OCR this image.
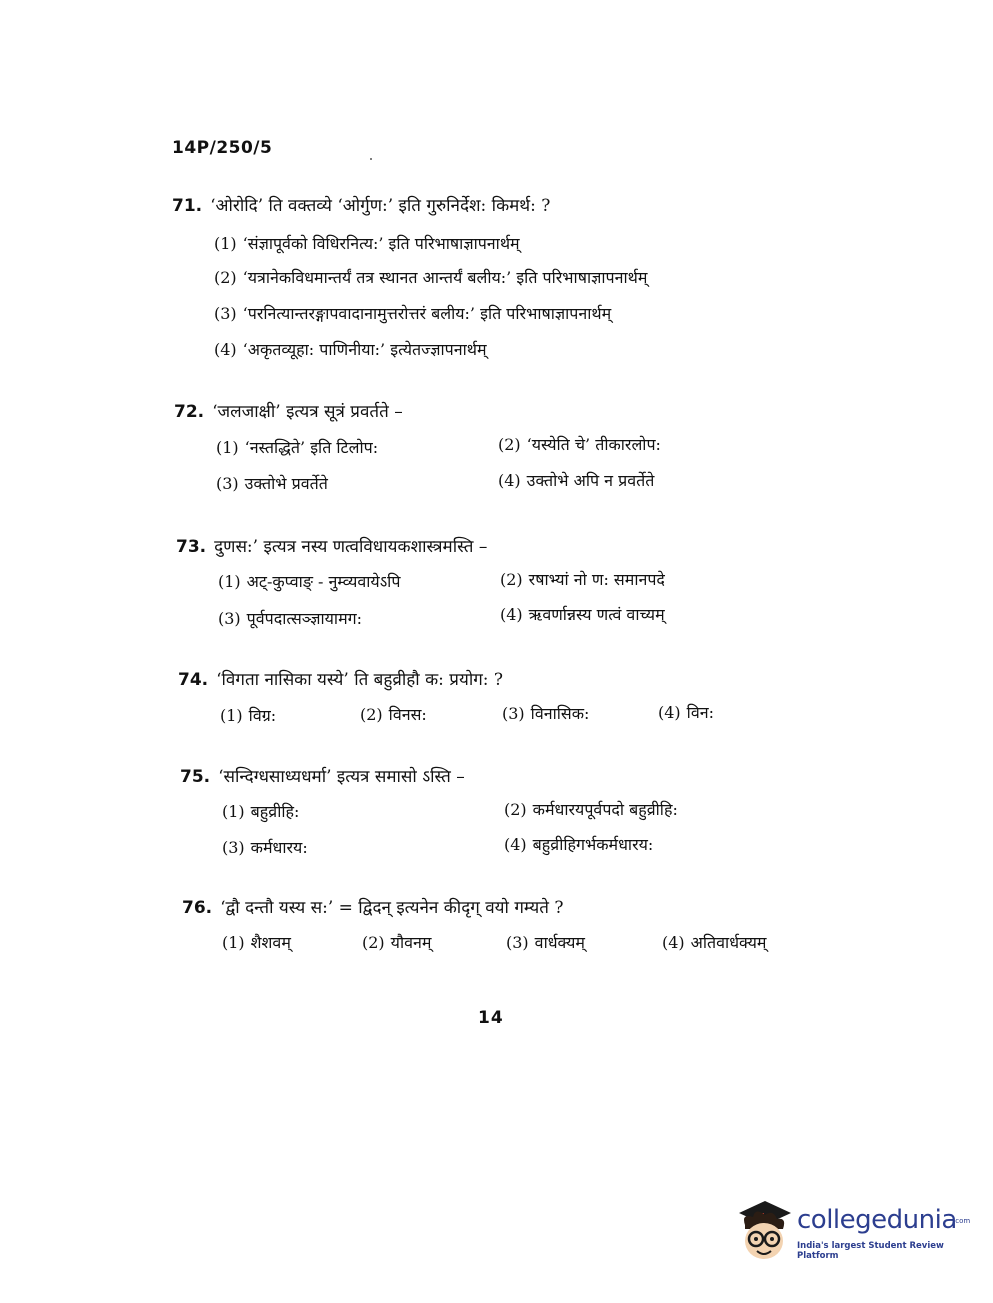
14P/250/5
71. ‘ओरोदि’ ति वक्तव्ये ‘ओर्गुण:’ इति गुरुनिर्देश: किमर्थ: ?
(1) ‘संज्ञापूर्वको विधिरनित्य:’ इति परिभाषाज्ञापनार्थम्
(2) ‘यत्रानेकविधमान्तर्यं तत्र स्थानत आन्तर्यं बलीय:’ इति परिभाषाज्ञापनार्थम्
(3) ‘परनित्यान्तरङ्गापवादानामुत्तरोत्तरं बलीय:’ इति परिभाषाज्ञापनार्थम्
(4) ‘अकृतव्यूहा: पाणिनीया:’ इत्येतज्ज्ञापनार्थम्
72. ‘जलजाक्षी’ इत्यत्र सूत्रं प्रवर्तते –
(1) ‘नस्तद्धिते’ इति टिलोप:	(2) ‘यस्येति चे’ तीकारलोप:
(3) उक्तोभे प्रवर्तेते	(4) उक्तोभे अपि न प्रवर्तेते
73. दुणस:’ इत्यत्र नस्य णत्वविधायकशास्त्रमस्ति –
(1) अट्-कुप्वाङ् - नुम्व्यवायेऽपि	(2) रषाभ्यां नो ण: समानपदे
(3) पूर्वपदात्सञ्ज्ञायामग:	(4) ऋवर्णान्नस्य णत्वं वाच्यम्
74. ‘विगता नासिका यस्ये’ ति बहुव्रीहौ क: प्रयोग: ?
(1) विग्र:	(2) विनस:	(3) विनासिक:	(4) विन:
75. ‘सन्दिग्धसाध्यधर्मा’ इत्यत्र समासो ऽस्ति –
(1) बहुव्रीहि:	(2) कर्मधारयपूर्वपदो बहुव्रीहि:
(3) कर्मधारय:	(4) बहुव्रीहिगर्भकर्मधारय:
76. ‘द्वौ दन्तौ यस्य स:’ = द्विदन् इत्यनेन कीदृग् वयो गम्यते ?
(1) शैशवम्	(2) यौवनम्	(3) वार्धक्यम्	(4) अतिवार्धक्यम्
14
collegedunia
.com
India's largest Student Review Platform
